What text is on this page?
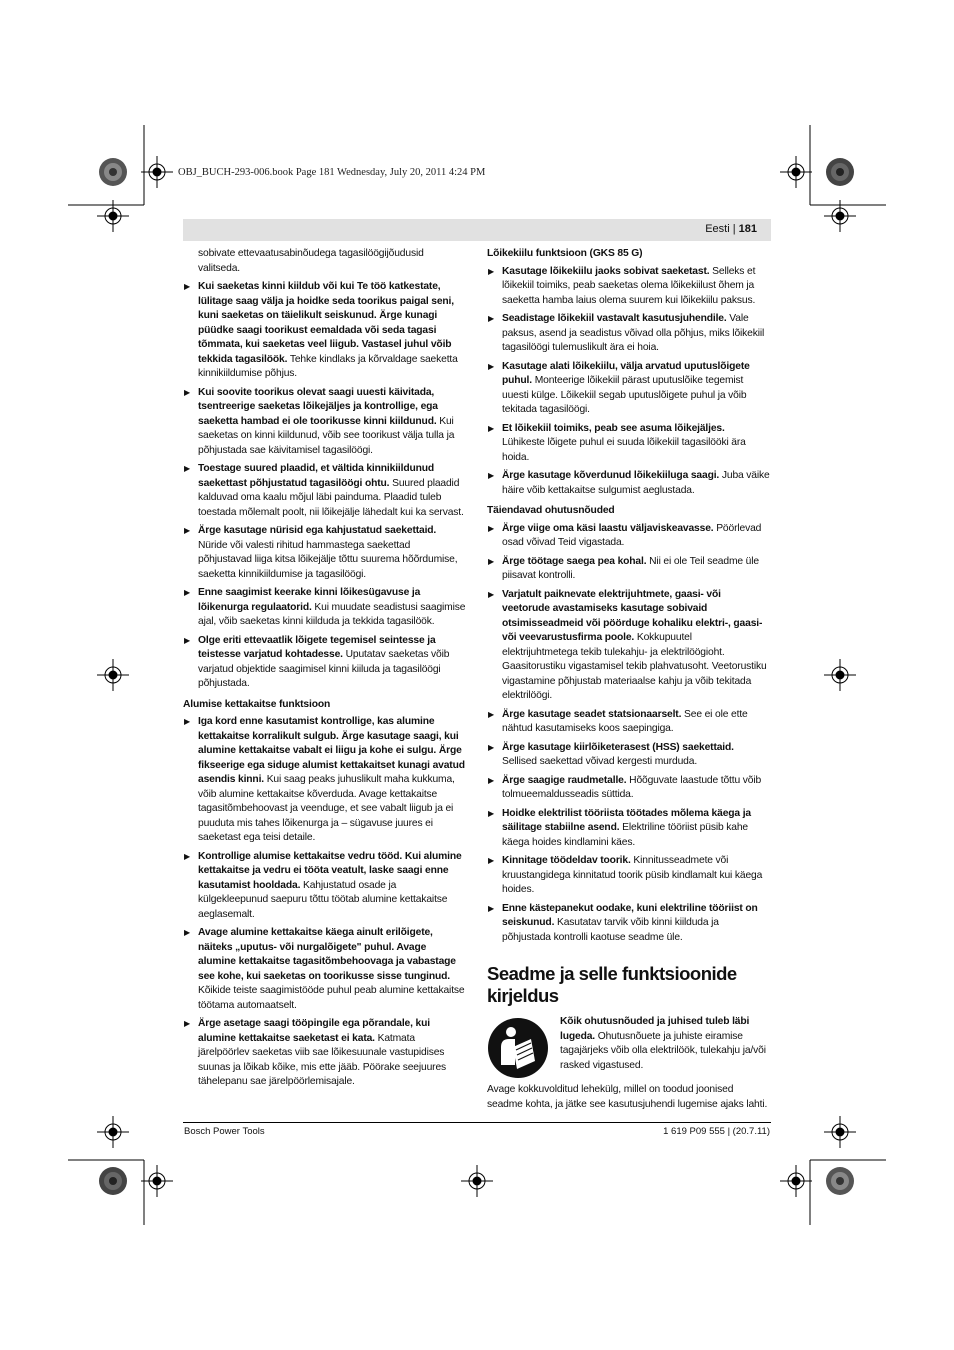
OBJ_BUCH-293-006.book Page 181 Wednesday, July 20, 2011 4:24 PM
Eesti | 181

sobivate ettevaatusabinõudega tagasilöögijõudusid valitseda.

▶ Kui saeketas kinni kiildub või kui Te töö katkestate, lülitage saag välja ja hoidke seda toorikus paigal seni, kuni saeketas on täielikult seiskunud. Ärge kunagi püüdke saagi toorikust eemaldada või seda tagasi tõmmata, kui saeketas veel liigub. Vastasel juhul võib tekkida tagasilöök. Tehke kindlaks ja kõrvaldage saeketta kinnikiildumise põhjus.

▶ Kui soovite toorikus olevat saagi uuesti käivitada, tsentreerige saeketas lõikejäljes ja kontrollige, ega saeketta hambad ei ole toorikusse kinni kiildunud. Kui saeketas on kinni kiildunud, võib see toorikust välja tulla ja põhjustada sae käivitamisel tagasilöögi.

▶ Toestage suured plaadid, et vältida kinnikiildunud saekettast põhjustatud tagasilöögi ohtu. Suured plaadid kalduvad oma kaalu mõjul läbi painduma. Plaadid tuleb toestada mõlemalt poolt, nii lõikejälje lähedalt kui ka servast.

▶ Ärge kasutage nürisid ega kahjustatud saekettaid. Nüride või valesti rihitud hammastega saekettad põhjustavad liiga kitsa lõikejälje tõttu suurema hõõrdumise, saeketta kinnikiildumise ja tagasilöögi.

▶ Enne saagimist keerake kinni lõikesügavuse ja lõikenurga regulaatorid. Kui muudate seadistusi saagimise ajal, võib saeketas kinni kiilduda ja tekkida tagasilöök.

▶ Olge eriti ettevaatlik lõigete tegemisel seintesse ja teistesse varjatud kohtadesse. Uputatav saeketas võib varjatud objektide saagimisel kinni kiiluda ja tagasilöögi põhjustada.

Alumise kettakaitse funktsioon

▶ Iga kord enne kasutamist kontrollige, kas alumine kettakaitse korralikult sulgub. Ärge kasutage saagi, kui alumine kettakaitse vabalt ei liigu ja kohe ei sulgu. Ärge fikseerige ega siduge alumist kettakaitset kunagi avatud asendis kinni. Kui saag peaks juhuslikult maha kukkuma, võib alumine kettakaitse kõverduda. Avage kettakaitse tagasitõmbehoovast ja veenduge, et see vabalt liigub ja ei puuduta mis tahes lõikenurga ja – sügavuse juures ei saeketast ega teisi detaile.

▶ Kontrollige alumise kettakaitse vedru tööd. Kui alumine kettakaitse ja vedru ei tööta veatult, laske saagi enne kasutamist hooldada. Kahjustatud osade ja külgekleepunud saepuru tõttu töötab alumine kettakaitse aeglasemalt.

▶ Avage alumine kettakaitse käega ainult erilõigete, näiteks „uputus- või nurgalõigete" puhul. Avage alumine kettakaitse tagasitõmbehoovaga ja vabastage see kohe, kui saeketas on toorikusse sisse tunginud. Kõikide teiste saagimistööde puhul peab alumine kettakaitse töötama automaatselt.

▶ Ärge asetage saagi tööpingile ega põrandale, kui alumine kettakaitse saeketast ei kata. Katmata järelpöörlev saeketas viib sae lõikesuunale vastupidises suunas ja lõikab kõike, mis ette jääb. Pöörake seejuures tähelepanu sae järelpöörlemisajale.

Lõikekiilu funktsioon (GKS 85 G)

▶ Kasutage lõikekiilu jaoks sobivat saeketast. Selleks et lõikekiil toimiks, peab saeketas olema lõikekiilust õhem ja saeketta hamba laius olema suurem kui lõikekiilu paksus.

▶ Seadistage lõikekiil vastavalt kasutusjuhendile. Vale paksus, asend ja seadistus võivad olla põhjus, miks lõikekiil tagasilöögi tulemuslikult ära ei hoia.

▶ Kasutage alati lõikekiilu, välja arvatud uputuslõigete puhul. Monteerige lõikekiil pärast uputuslõike tegemist uuesti külge. Lõikekiil segab uputuslõigete puhul ja võib tekitada tagasilöögi.

▶ Et lõikekiil toimiks, peab see asuma lõikejäljes. Lühikeste lõigete puhul ei suuda lõikekiil tagasilööki ära hoida.

▶ Ärge kasutage kõverdunud lõikekiiluga saagi. Juba väike häire võib kettakaitse sulgumist aeglustada.

Täiendavad ohutusnõuded

▶ Ärge viige oma käsi laastu väljaviskeavasse. Pöörlevad osad võivad Teid vigastada.

▶ Ärge töötage saega pea kohal. Nii ei ole Teil seadme üle piisavat kontrolli.

▶ Varjatult paiknevate elektrijuhtmete, gaasi- või veetorude avastamiseks kasutage sobivaid otsimisseadmeid või pöörduge kohaliku elektri-, gaasi- või veevarustusfirma poole. Kokkupuutel elektrijuhtmetega tekib tulekahju- ja elektrilöögioht. Gaasitorustiku vigastamisel tekib plahvatusoht. Veetorustiku vigastamine põhjustab materiaalse kahju ja võib tekitada elektrilöögi.

▶ Ärge kasutage seadet statsionaarselt. See ei ole ette nähtud kasutamiseks koos saepingiga.

▶ Ärge kasutage kiirlõiketerasest (HSS) saekettaid. Sellised saekettad võivad kergesti murduda.

▶ Ärge saagige raudmetalle. Hõõguvate laastude tõttu võib tolmueemaldusseadis süttida.

▶ Hoidke elektrilist tööriista töötades mõlema käega ja säilitage stabiilne asend. Elektriline tööriist püsib kahe käega hoides kindlamini käes.

▶ Kinnitage töödeldav toorik. Kinnitusseadmete või kruustangidega kinnitatud toorik püsib kindlamalt kui käega hoides.

▶ Enne kästepanekut oodake, kuni elektriline tööriist on seiskunud. Kasutatav tarvik võib kinni kiilduda ja põhjustada kontrolli kaotuse seadme üle.

Seadme ja selle funktsioonide kirjeldus
Kõik ohutusnõuded ja juhised tuleb läbi lugeda. Ohutusnõuete ja juhiste eiramise tagajärjeks võib olla elektrilöök, tulekahju ja/või rasked vigastused.

Avage kokkuvolditud lehekülg, millel on toodud joonised seadme kohta, ja jätke see kasutusjuhendi lugemise ajaks lahti.

Bosch Power Tools	1 619 P09 555 | (20.7.11)
